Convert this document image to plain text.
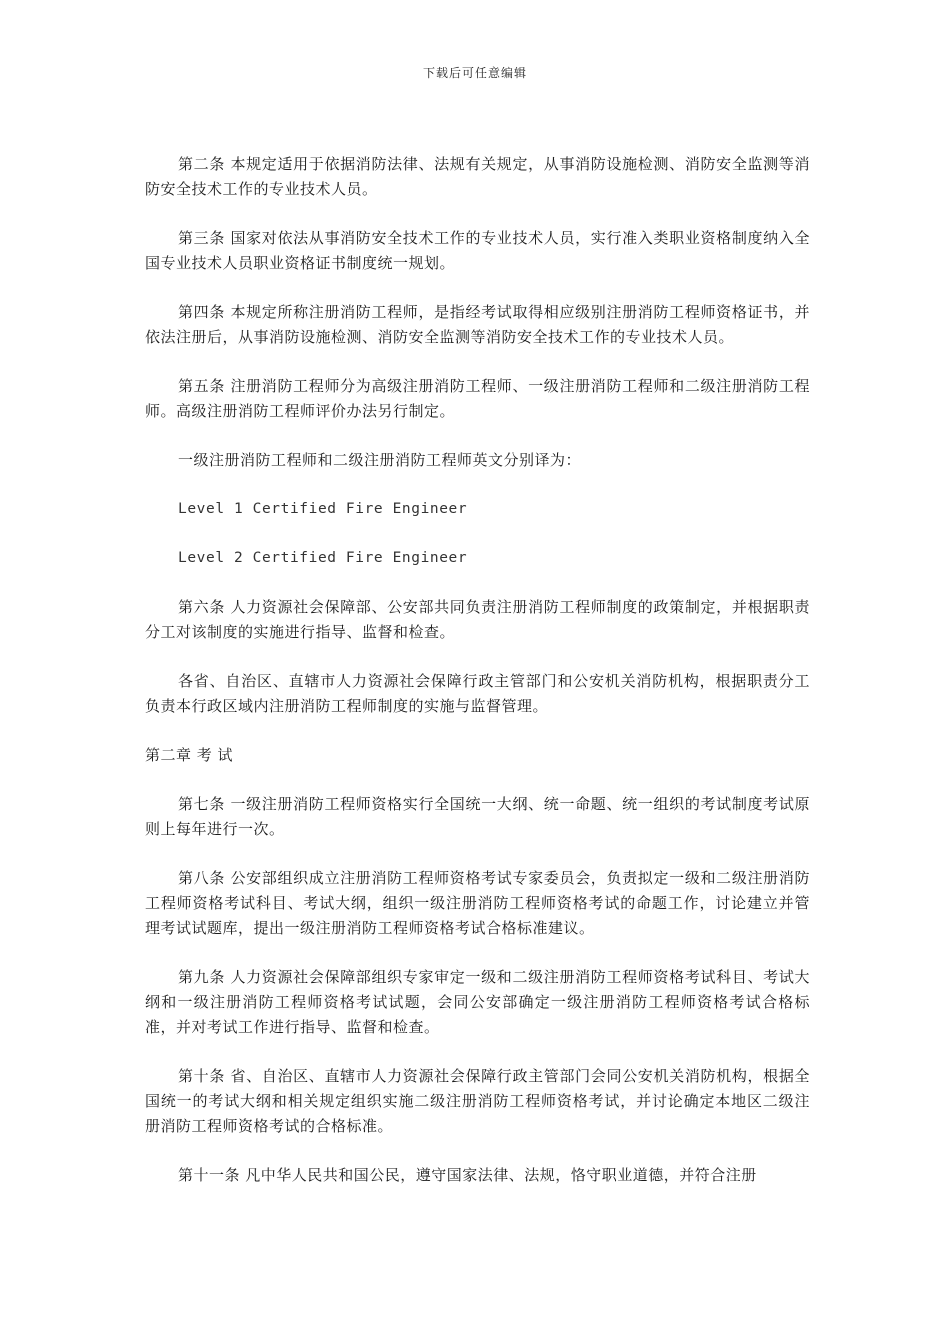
下载后可任意编辑

第二条 本规定适用于依据消防法律、法规有关规定，从事消防设施检测、消防安全监测等消防安全技术工作的专业技术人员。

第三条 国家对依法从事消防安全技术工作的专业技术人员，实行准入类职业资格制度纳入全国专业技术人员职业资格证书制度统一规划。

第四条 本规定所称注册消防工程师，是指经考试取得相应级别注册消防工程师资格证书，并依法注册后，从事消防设施检测、消防安全监测等消防安全技术工作的专业技术人员。

第五条 注册消防工程师分为高级注册消防工程师、一级注册消防工程师和二级注册消防工程师。高级注册消防工程师评价办法另行制定。

一级注册消防工程师和二级注册消防工程师英文分别译为：

Level 1 Certified Fire Engineer

Level 2 Certified Fire Engineer

第六条 人力资源社会保障部、公安部共同负责注册消防工程师制度的政策制定，并根据职责分工对该制度的实施进行指导、监督和检查。

各省、自治区、直辖市人力资源社会保障行政主管部门和公安机关消防机构，根据职责分工负责本行政区域内注册消防工程师制度的实施与监督管理。

第二章 考 试

第七条 一级注册消防工程师资格实行全国统一大纲、统一命题、统一组织的考试制度考试原则上每年进行一次。

第八条 公安部组织成立注册消防工程师资格考试专家委员会，负责拟定一级和二级注册消防工程师资格考试科目、考试大纲，组织一级注册消防工程师资格考试的命题工作，讨论建立并管理考试试题库，提出一级注册消防工程师资格考试合格标准建议。

第九条 人力资源社会保障部组织专家审定一级和二级注册消防工程师资格考试科目、考试大纲和一级注册消防工程师资格考试试题，会同公安部确定一级注册消防工程师资格考试合格标准，并对考试工作进行指导、监督和检查。

第十条 省、自治区、直辖市人力资源社会保障行政主管部门会同公安机关消防机构，根据全国统一的考试大纲和相关规定组织实施二级注册消防工程师资格考试，并讨论确定本地区二级注册消防工程师资格考试的合格标准。

第十一条 凡中华人民共和国公民，遵守国家法律、法规，恪守职业道德，并符合注册
